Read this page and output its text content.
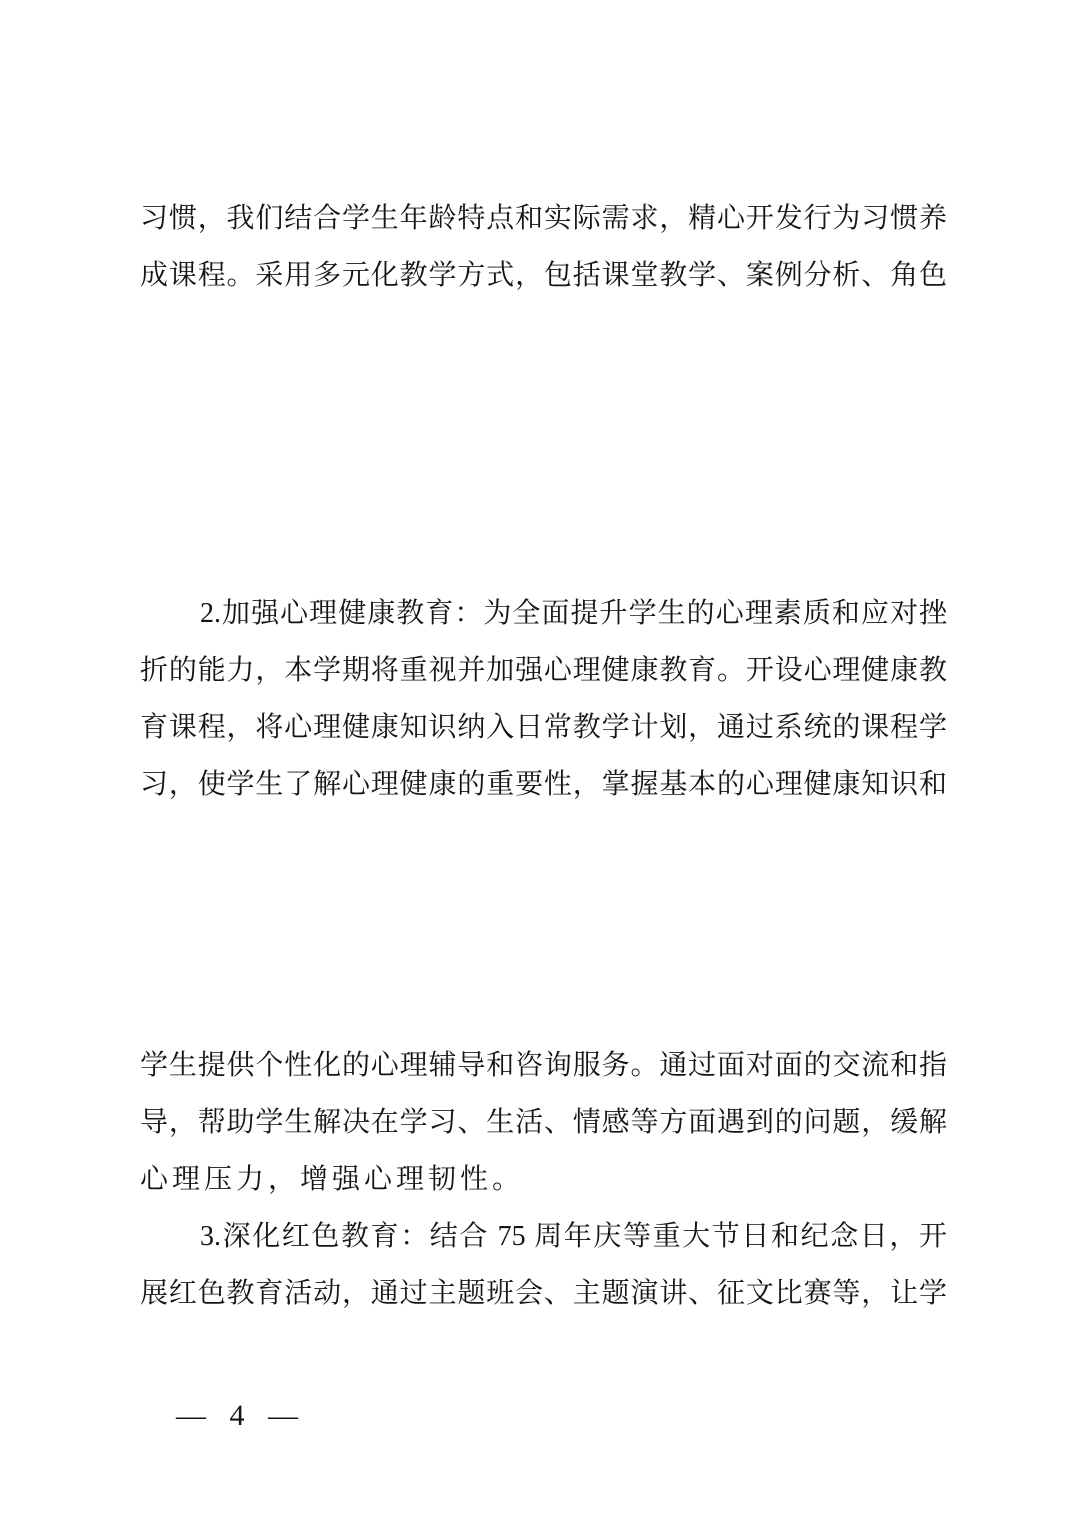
习惯，我们结合学生年龄特点和实际需求，精心开发行为习惯养
成课程。采用多元化教学方式，包括课堂教学、案例分析、角色
2.加强心理健康教育：为全面提升学生的心理素质和应对挫
折的能力，本学期将重视并加强心理健康教育。开设心理健康教
育课程，将心理健康知识纳入日常教学计划，通过系统的课程学
习，使学生了解心理健康的重要性，掌握基本的心理健康知识和
学生提供个性化的心理辅导和咨询服务。通过面对面的交流和指
导，帮助学生解决在学习、生活、情感等方面遇到的问题，缓解
心理压力，增强心理韧性。
3.深化红色教育：结合 75 周年庆等重大节日和纪念日，开
展红色教育活动，通过主题班会、主题演讲、征文比赛等，让学
— 4 —
